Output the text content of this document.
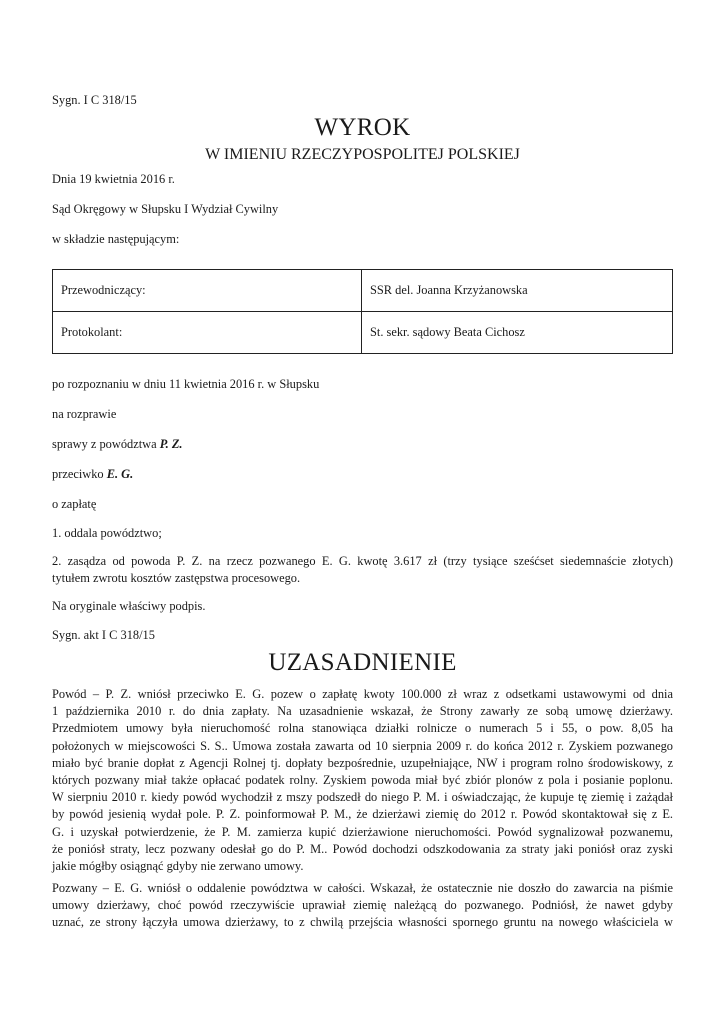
Sygn. I C 318/15
WYROK
W IMIENIU RZECZYPOSPOLITEJ POLSKIEJ
Dnia 19 kwietnia 2016 r.
Sąd Okręgowy w Słupsku I Wydział Cywilny
w składzie następującym:
Przewodniczący:	SSR del. Joanna Krzyżanowska
Protokolant:	St. sekr. sądowy Beata Cichosz
po rozpoznaniu w dniu 11 kwietnia 2016 r. w Słupsku
na rozprawie
sprawy z powództwa P. Z.
przeciwko E. G.
o zapłatę
1. oddala powództwo;
2. zasądza od powoda P. Z. na rzecz pozwanego E. G. kwotę 3.617 zł (trzy tysiące sześćset siedemnaście złotych)
tytułem zwrotu kosztów zastępstwa procesowego.
Na oryginale właściwy podpis.
Sygn. akt I C 318/15
UZASADNIENIE
Powód – P. Z. wniósł przeciwko E. G. pozew o zapłatę kwoty 100.000 zł wraz z odsetkami ustawowymi od dnia
1 października 2010 r. do dnia zapłaty. Na uzasadnienie wskazał, że Strony zawarły ze sobą umowę dzierżawy.
Przedmiotem umowy była nieruchomość rolna stanowiąca działki rolnicze o numerach 5 i 55, o pow. 8,05 ha
położonych w miejscowości S. S.. Umowa została zawarta od 10 sierpnia 2009 r. do końca 2012 r. Zyskiem pozwanego
miało być branie dopłat z Agencji Rolnej tj. dopłaty bezpośrednie, uzupełniające, NW i program rolno środowiskowy, z
których pozwany miał także opłacać podatek rolny. Zyskiem powoda miał być zbiór plonów z pola i posianie poplonu.
W sierpniu 2010 r. kiedy powód wychodził z mszy podszedł do niego P. M. i oświadczając, że kupuje tę ziemię i zażądał
by powód jesienią wydał pole. P. Z. poinformował P. M., że dzierżawi ziemię do 2012 r. Powód skontaktował się z E.
G. i uzyskał potwierdzenie, że P. M. zamierza kupić dzierżawione nieruchomości. Powód sygnalizował pozwanemu,
że poniósł straty, lecz pozwany odesłał go do P. M.. Powód dochodzi odszkodowania za straty jaki poniósł oraz zyski
jakie mógłby osiągnąć gdyby nie zerwano umowy.
Pozwany – E. G. wniósł o oddalenie powództwa w całości. Wskazał, że ostatecznie nie doszło do zawarcia na piśmie
umowy dzierżawy, choć powód rzeczywiście uprawiał ziemię należącą do pozwanego. Podniósł, że nawet gdyby
uznać, ze strony łączyła umowa dzierżawy, to z chwilą przejścia własności spornego gruntu na nowego właściciela w
